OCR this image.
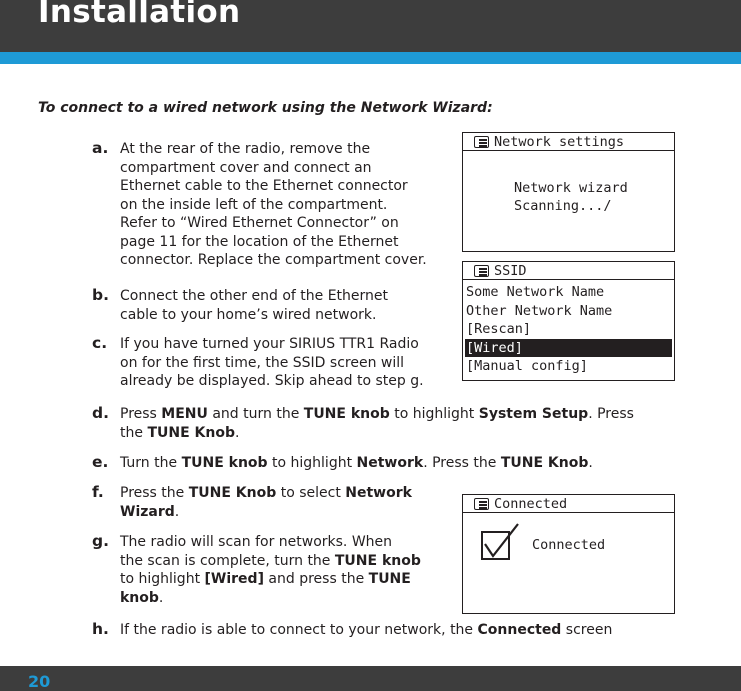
Installation
To connect to a wired network using the Network Wizard:
a. At the rear of the radio, remove the
compartment cover and connect an
Ethernet cable to the Ethernet connector
on the inside left of the compartment.
Refer to “Wired Ethernet Connector” on
page 11 for the location of the Ethernet
connector. Replace the compartment cover.
b. Connect the other end of the Ethernet
cable to your home’s wired network.
c. If you have turned your SIRIUS TTR1 Radio
on for the first time, the SSID screen will
already be displayed. Skip ahead to step g.
d. Press MENU and turn the TUNE knob to highlight System Setup. Press
the TUNE Knob.
e. Turn the TUNE knob to highlight Network. Press the TUNE Knob.
f. Press the TUNE Knob to select Network
Wizard.
g. The radio will scan for networks. When
the scan is complete, turn the TUNE knob
to highlight [Wired] and press the TUNE
knob.
h. If the radio is able to connect to your network, the Connected screen
Network settings
Network wizard
Scanning.../
SSID
Some Network Name
Other Network Name
[Rescan]
[Wired]
[Manual config]
Connected
Connected
20
